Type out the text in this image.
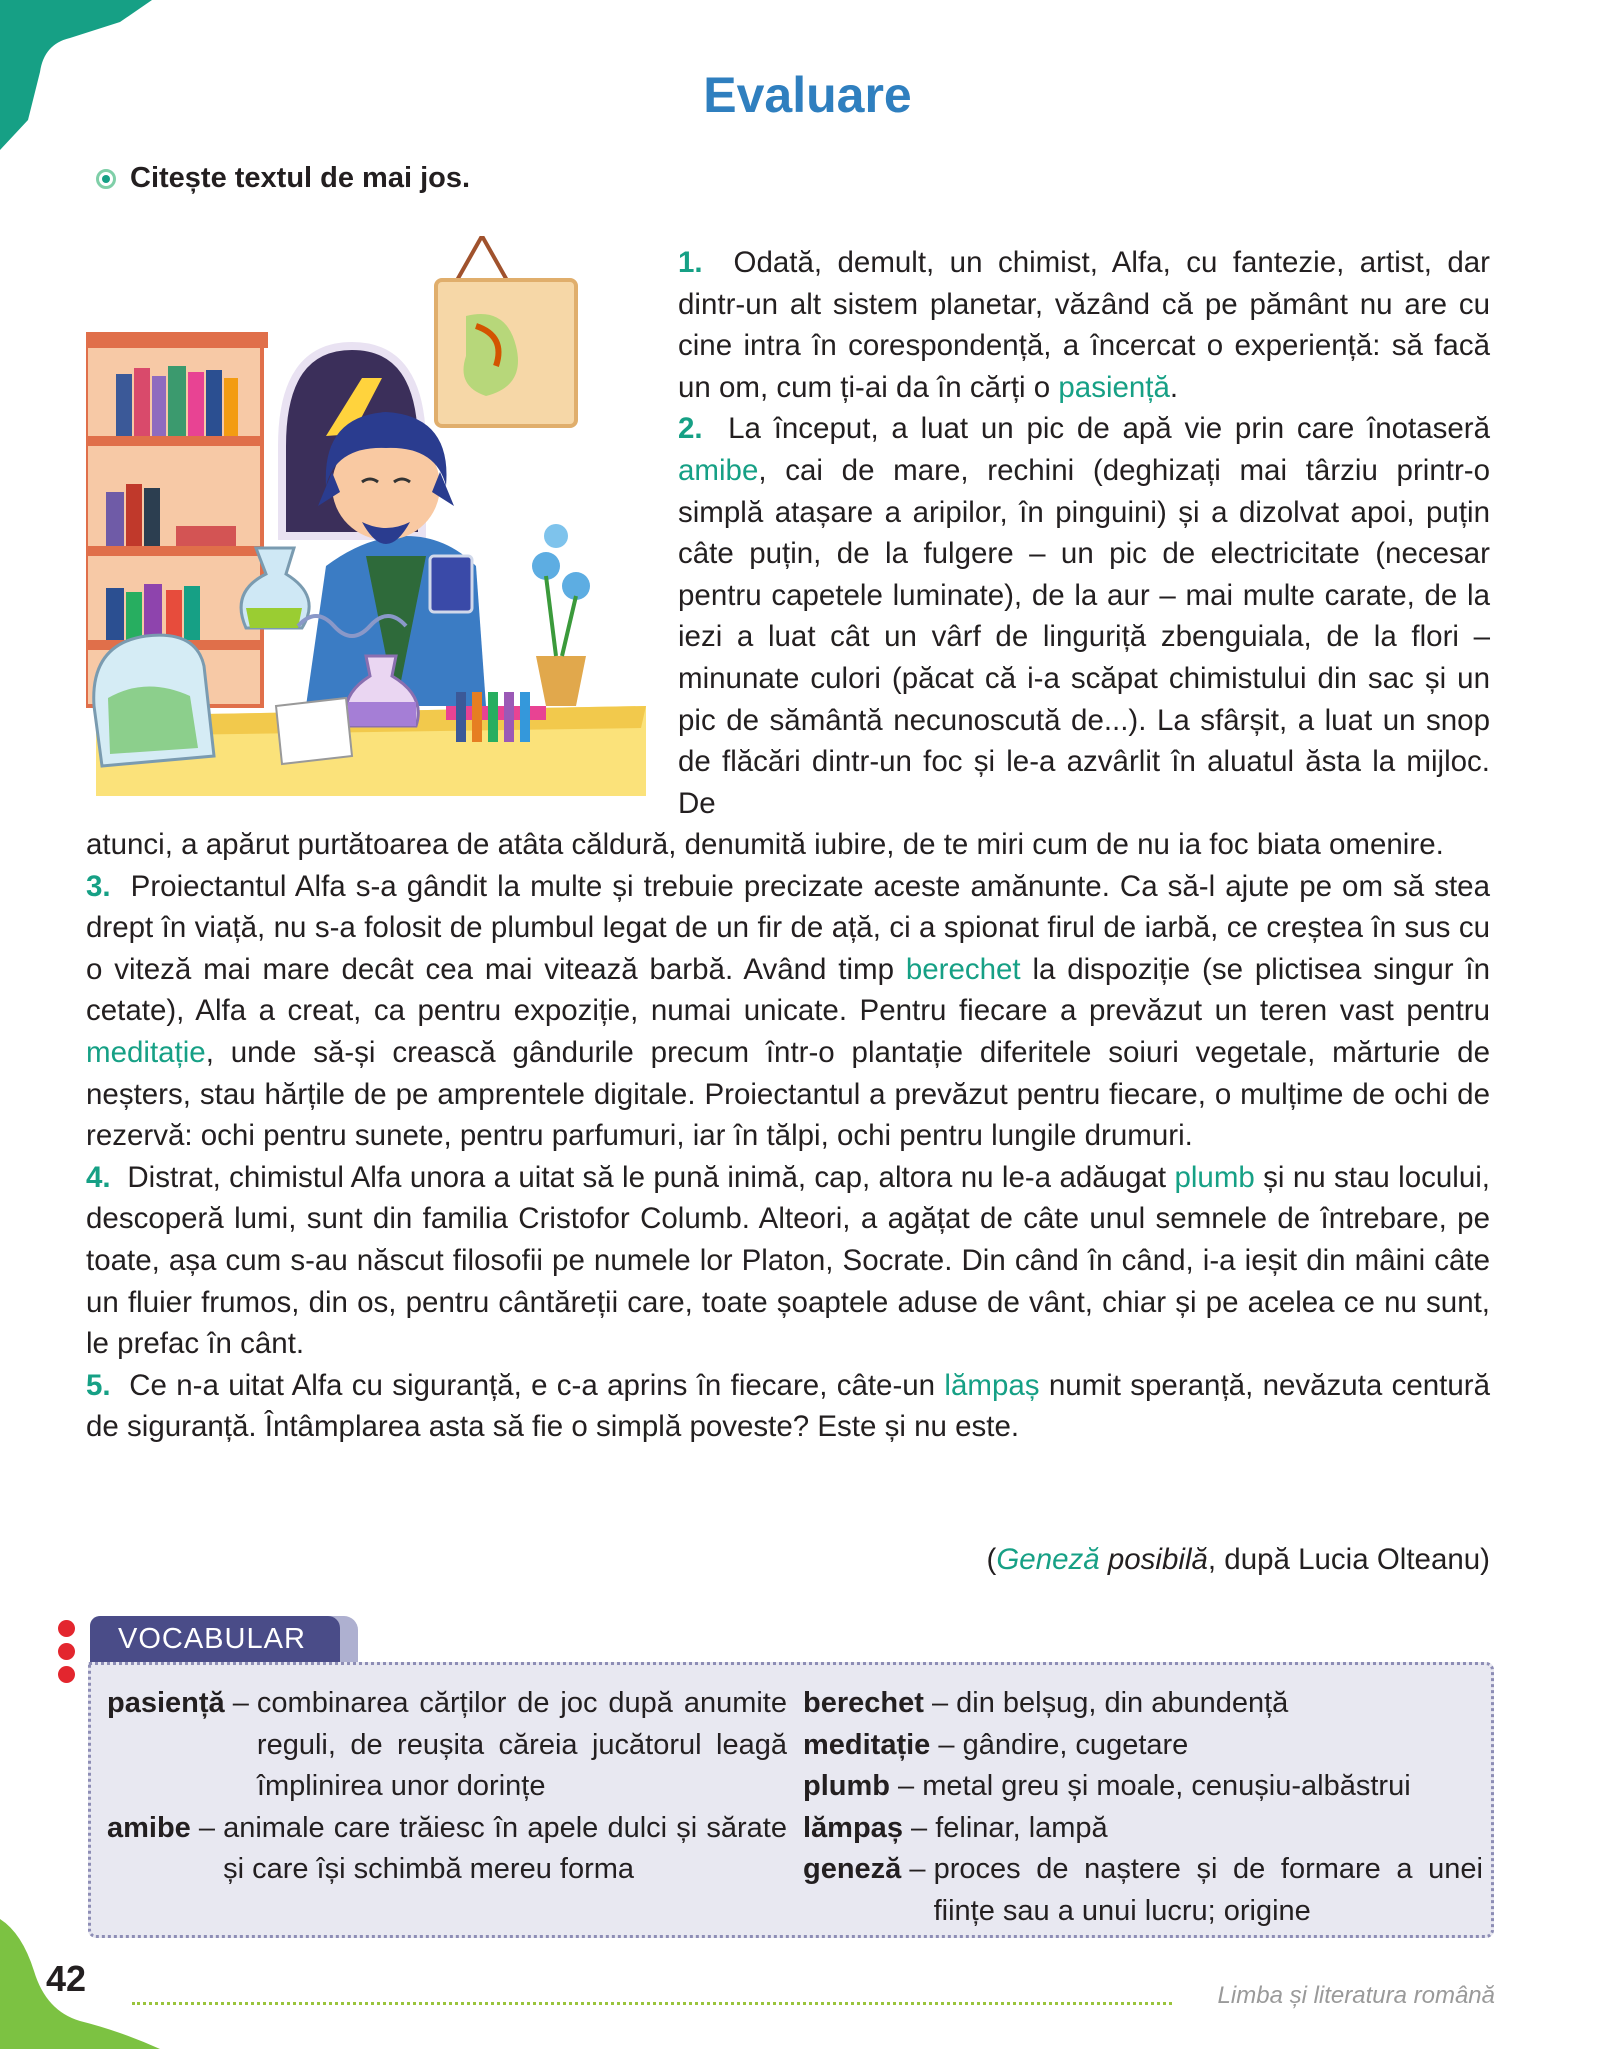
Evaluare
Citește textul de mai jos.

1. Odată, demult, un chimist, Alfa, cu fantezie, artist, dar dintr-un alt sistem planetar, văzând că pe pământ nu are cu cine intra în corespondență, a încercat o experiență: să facă un om, cum ți-ai da în cărți o pasiență.

2. La început, a luat un pic de apă vie prin care înotaseră amibe, cai de mare, rechini (deghizați mai târziu printr-o simplă atașare a aripilor, în pinguini) și a dizolvat apoi, puțin câte puțin, de la fulgere – un pic de electricitate (necesar pentru capetele luminate), de la aur – mai multe carate, de la iezi a luat cât un vârf de linguriță zbenguiala, de la flori – minunate culori (păcat că i-a scăpat chimistului din sac și un pic de sământă necunoscută de...). La sfârșit, a luat un snop de flăcări dintr-un foc și le-a azvârlit în aluatul ăsta la mijloc. De

atunci, a apărut purtătoarea de atâta căldură, denumită iubire, de te miri cum de nu ia foc biata omenire.

3. Proiectantul Alfa s-a gândit la multe și trebuie precizate aceste amănunte. Ca să-l ajute pe om să stea drept în viață, nu s-a folosit de plumbul legat de un fir de ață, ci a spionat firul de iarbă, ce creștea în sus cu o viteză mai mare decât cea mai vitează barbă. Având timp berechet la dispoziție (se plictisea singur în cetate), Alfa a creat, ca pentru expoziție, numai unicate. Pentru fiecare a prevăzut un teren vast pentru meditație, unde să-și crească gândurile precum într-o plantație diferitele soiuri vegetale, mărturie de neșters, stau hărțile de pe amprentele digitale. Proiectantul a prevăzut pentru fiecare, o mulțime de ochi de rezervă: ochi pentru sunete, pentru parfumuri, iar în tălpi, ochi pentru lungile drumuri.

4. Distrat, chimistul Alfa unora a uitat să le pună inimă, cap, altora nu le-a adăugat plumb și nu stau locului, descoperă lumi, sunt din familia Cristofor Columb. Alteori, a agățat de câte unul semnele de întrebare, pe toate, așa cum s-au născut filosofii pe numele lor Platon, Socrate. Din când în când, i-a ieșit din mâini câte un fluier frumos, din os, pentru cântăreții care, toate șoaptele aduse de vânt, chiar și pe acelea ce nu sunt, le prefac în cânt.

5. Ce n-a uitat Alfa cu siguranță, e c-a aprins în fiecare, câte-un lămpaș numit speranță, nevăzuta centură de siguranță. Întâmplarea asta să fie o simplă poveste? Este și nu este.

(Geneză posibilă, după Lucia Olteanu)
VOCABULAR
pasiență – combinarea cărților de joc după anumite reguli, de reușita căreia jucătorul leagă împlinirea unor dorințe
amibe – animale care trăiesc în apele dulci și sărate și care își schimbă mereu forma
berechet – din belșug, din abundență
meditație – gândire, cugetare
plumb – metal greu și moale, cenușiu-albăstrui
lămpaș – felinar, lampă
geneză – proces de naștere și de formare a unei ființe sau a unui lucru; origine
42	Limba și literatura română
